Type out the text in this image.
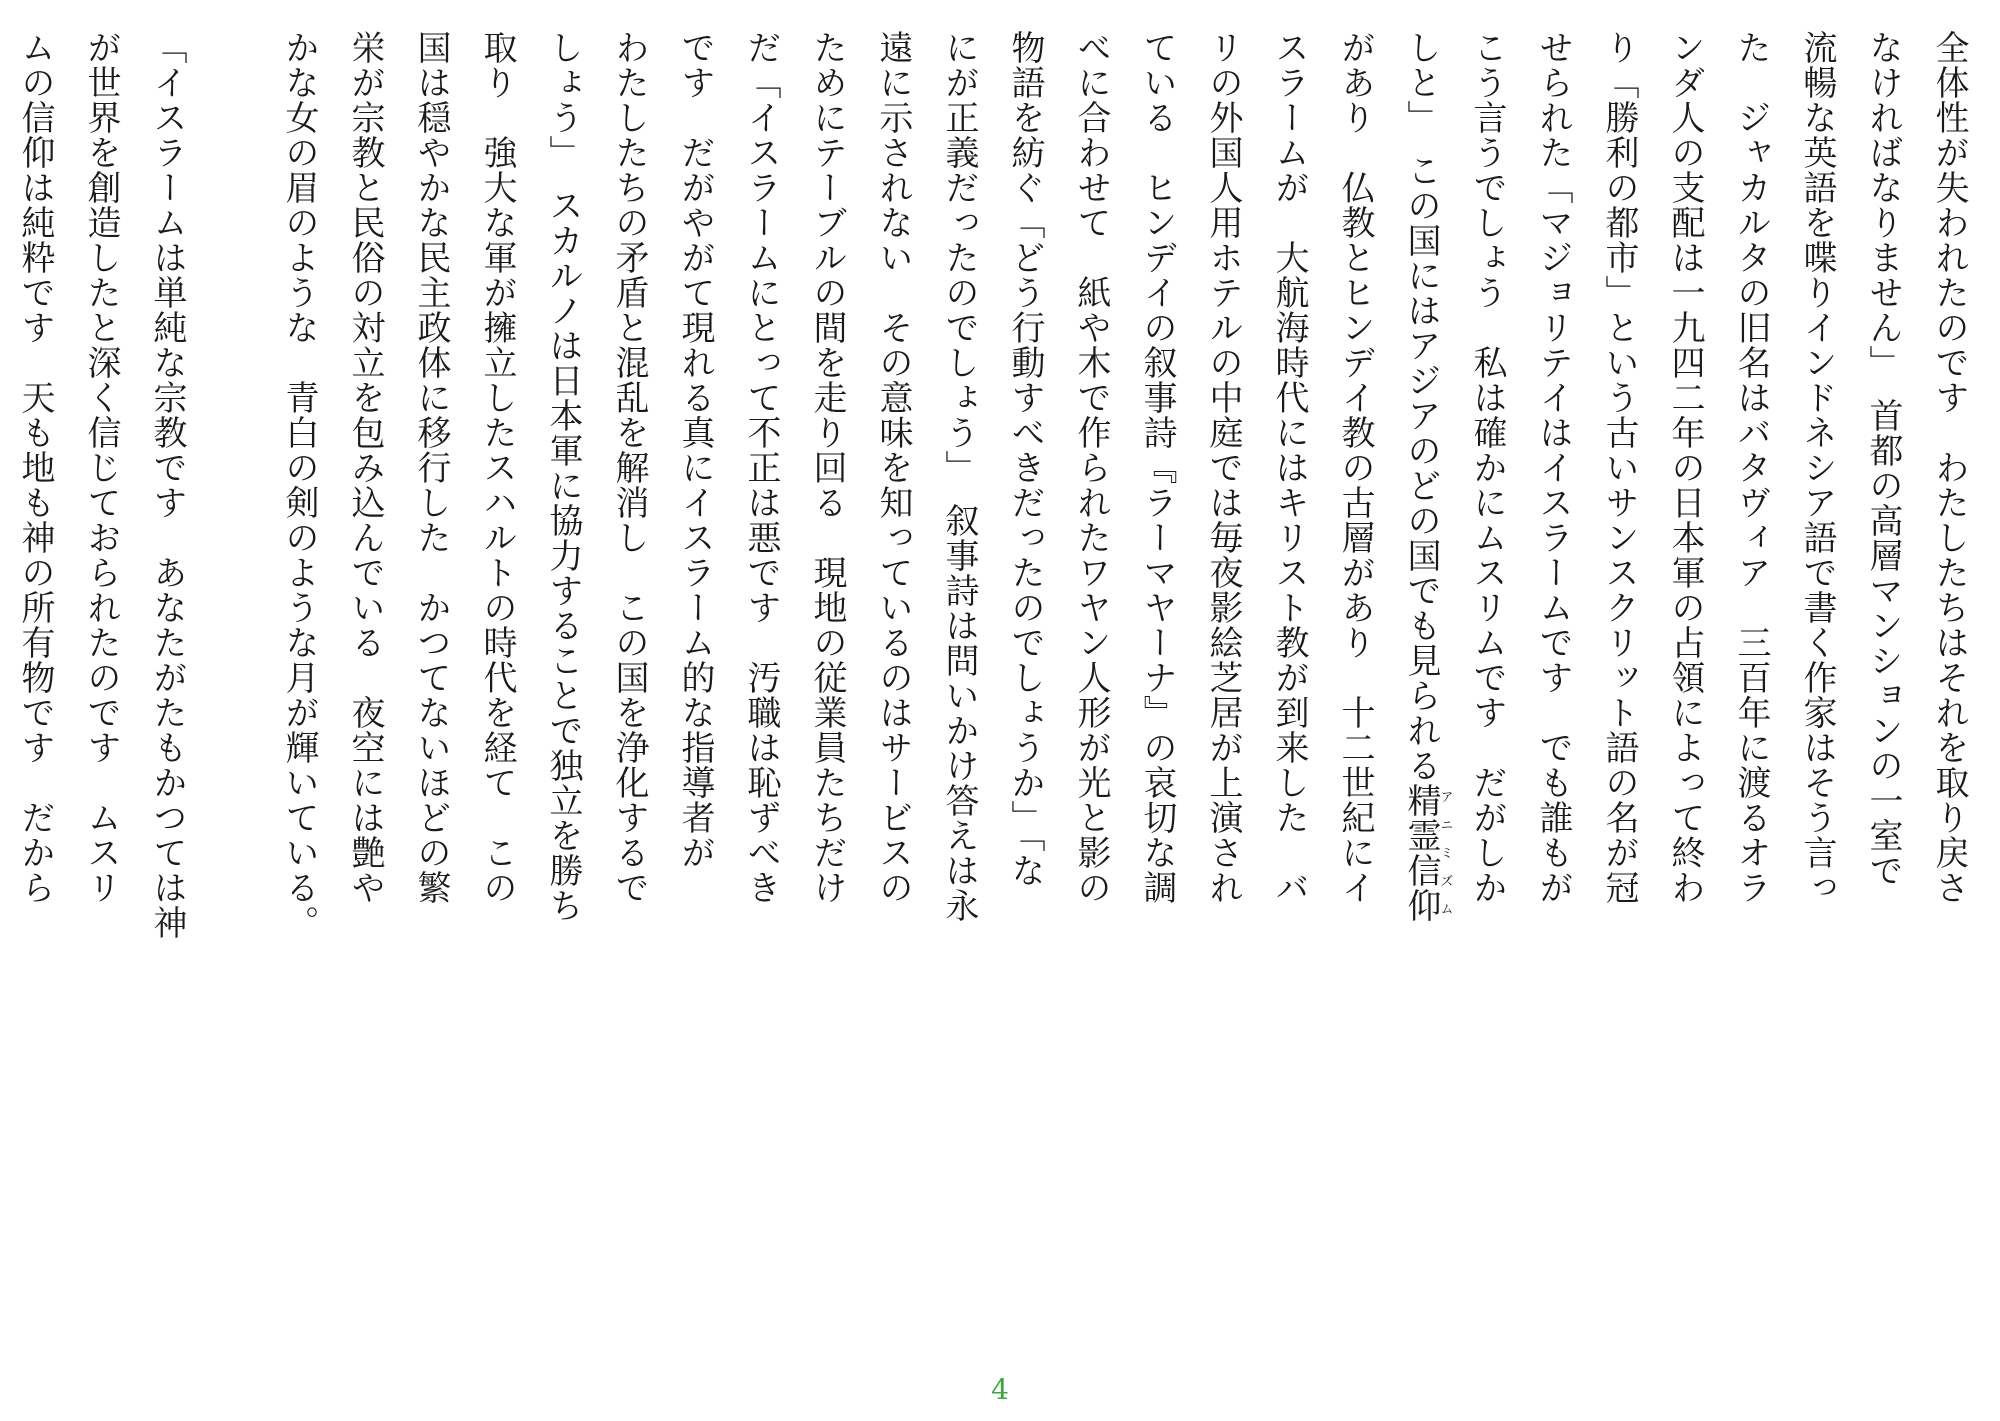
全体性が失われたのです　わたしたちはそれを取り戻さ
なければなりません」　首都の高層マンションの一室で
流暢な英語を喋りインドネシア語で書く作家はそう言っ
た　ジャカルタの旧名はバタヴィア　三百年に渡るオラ
ンダ人の支配は一九四二年の日本軍の占領によって終わ
り「勝利の都市」という古いサンスクリット語の名が冠
せられた「マジョリテイはイスラームです　でも誰もが
こう言うでしょう　私は確かにムスリムです　だがしか
しと」　この国にはアジアのどの国でも見られる精霊信仰アニミズム
があり　仏教とヒンデイ教の古層があり　十二世紀にイ
スラームが　大航海時代にはキリスト教が到来した　バ
リの外国人用ホテルの中庭では毎夜影絵芝居が上演され
ている　ヒンデイの叙事詩『ラーマヤーナ』の哀切な調
べに合わせて　紙や木で作られたワヤン人形が光と影の
物語を紡ぐ「どう行動すべきだったのでしょうか」「な
にが正義だったのでしょう」　叙事詩は問いかけ答えは永
遠に示されない　その意味を知っているのはサービスの
ためにテーブルの間を走り回る　現地の従業員たちだけ
だ「イスラームにとって不正は悪です　汚職は恥ずべき
です　だがやがて現れる真にイスラーム的な指導者が
わたしたちの矛盾と混乱を解消し　この国を浄化するで
しょう」　スカルノは日本軍に協力することで独立を勝ち
取り　強大な軍が擁立したスハルトの時代を経て　この
国は穏やかな民主政体に移行した　かつてないほどの繁
栄が宗教と民俗の対立を包み込んでいる　夜空には艶や
かな女の眉のような　青白の剣のような月が輝いている。
「イスラームは単純な宗教です　あなたがたもかつては神
が世界を創造したと深く信じておられたのです　ムスリ
ムの信仰は純粋です　天も地も神の所有物です　だから
4
